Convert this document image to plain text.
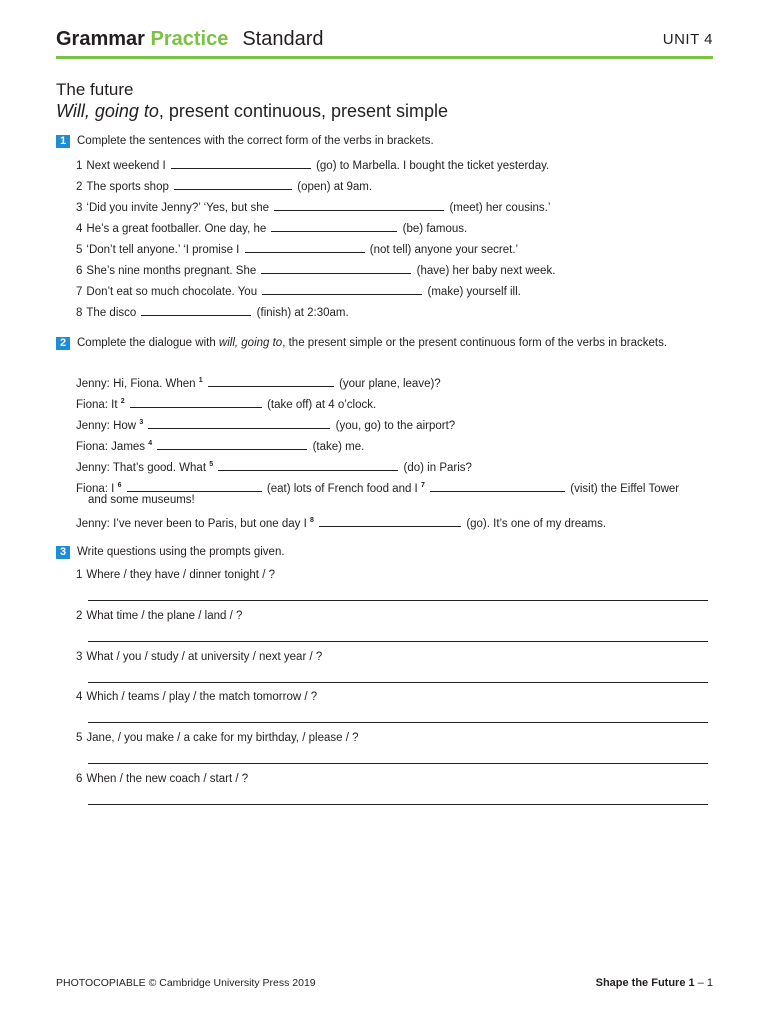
Grammar Practice Standard	UNIT 4
The future
Will, going to, present continuous, present simple
1 Complete the sentences with the correct form of the verbs in brackets.
1 Next weekend I	(go) to Marbella. I bought the ticket yesterday.
2 The sports shop	(open) at 9am.
3 ‘Did you invite Jenny?’ ‘Yes, but she	(meet) her cousins.’
4 He’s a great footballer. One day, he	(be) famous.
5 ‘Don’t tell anyone.’ ‘I promise I	(not tell) anyone your secret.’
6 She’s nine months pregnant. She	(have) her baby next week.
7 Don’t eat so much chocolate. You	(make) yourself ill.
8 The disco	(finish) at 2:30am.
2 Complete the dialogue with will, going to, the present simple or the present continuous form of the verbs in brackets.
Jenny: Hi, Fiona. When $^1$	(your plane, leave)?
Fiona: It $^2$	(take off) at 4 o’clock.
Jenny: How $^3$	(you, go) to the airport?
Fiona: James $^4$	(take) me.
Jenny: That’s good. What $^5$	(do) in Paris?
Fiona: I $^6$	(eat) lots of French food and I $^7$	(visit) the Eiffel Tower
and some museums!
Jenny: I’ve never been to Paris, but one day I $^8$	(go). It’s one of my dreams.
3 Write questions using the prompts given.
1 Where / they have / dinner tonight / ?
2 What time / the plane / land / ?
3 What / you / study / at university / next year / ?
4 Which / teams / play / the match tomorrow / ?
5 Jane, / you make / a cake for my birthday, / please / ?
6 When / the new coach / start / ?
PHOTOCOPIABLE © Cambridge University Press 2019	Shape the Future 1 – 1
